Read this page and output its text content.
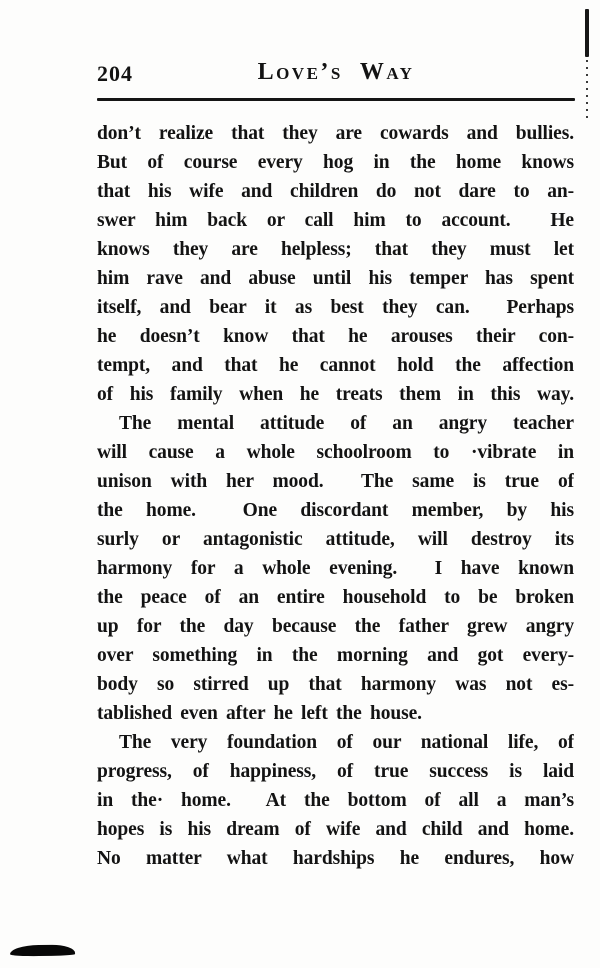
204	Love’s Way
don’t realize that they are cowards and bullies.
But of course every hog in the home knows
that his wife and children do not dare to an-
swer him back or call him to account.  He
knows they are helpless; that they must let
him rave and abuse until his temper has spent
itself, and bear it as best they can.  Perhaps
he doesn’t know that he arouses their con-
tempt, and that he cannot hold the affection
of his family when he treats them in this way.
The mental attitude of an angry teacher
will cause a whole schoolroom to ·vibrate in
unison with her mood.  The same is true of
the home.  One discordant member, by his
surly or antagonistic attitude, will destroy its
harmony for a whole evening.  I have known
the peace of an entire household to be broken
up for the day because the father grew angry
over something in the morning and got every-
body so stirred up that harmony was not es-
tablished even after he left the house.
The very foundation of our national life, of
progress, of happiness, of true success is laid
in the· home.  At the bottom of all a man’s
hopes is his dream of wife and child and home.
No matter what hardships he endures, how
